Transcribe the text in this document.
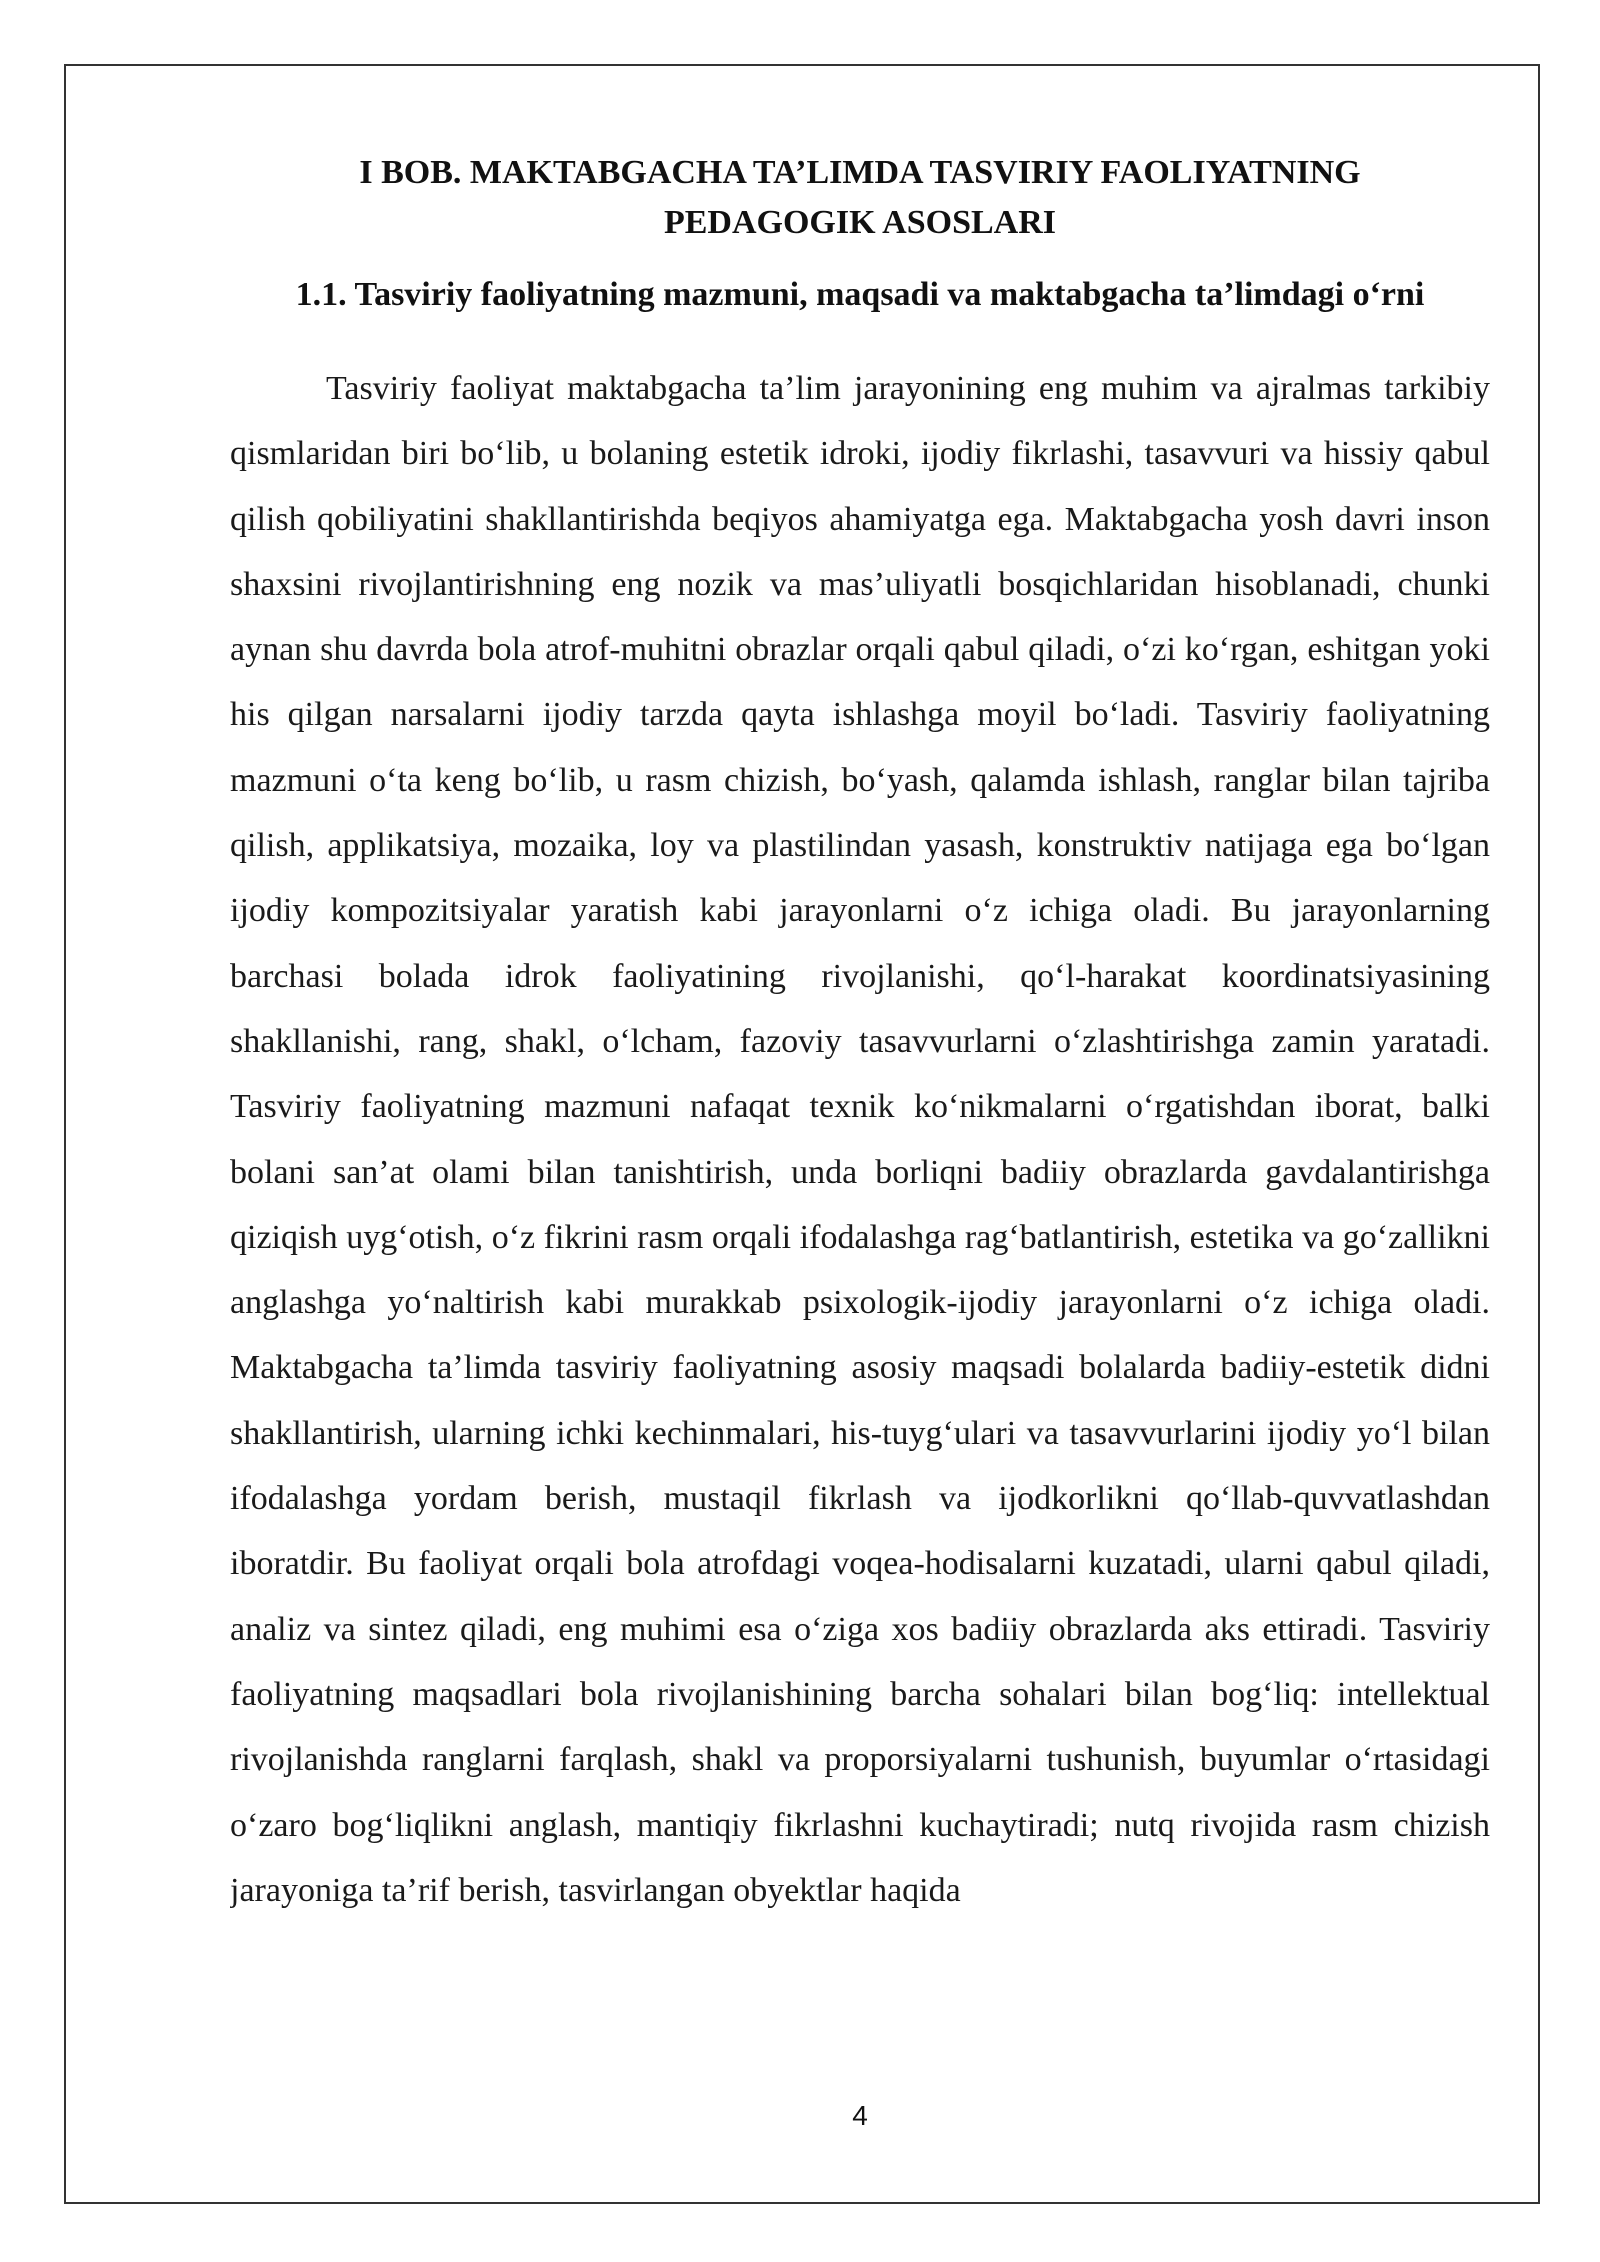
I BOB. MAKTABGACHA TA’LIMDA TASVIRIY FAOLIYATNING
PEDAGOGIK ASOSLARI
1.1. Tasviriy faoliyatning mazmuni, maqsadi va maktabgacha ta’limdagi o‘rni

Tasviriy faoliyat maktabgacha ta’lim jarayonining eng muhim va ajralmas tarkibiy qismlaridan biri bo‘lib, u bolaning estetik idroki, ijodiy fikrlashi, tasavvuri va hissiy qabul qilish qobiliyatini shakllantirishda beqiyos ahamiyatga ega. Maktabgacha yosh davri inson shaxsini rivojlantirishning eng nozik va mas’uliyatli bosqichlaridan hisoblanadi, chunki aynan shu davrda bola atrof-muhitni obrazlar orqali qabul qiladi, o‘zi ko‘rgan, eshitgan yoki his qilgan narsalarni ijodiy tarzda qayta ishlashga moyil bo‘ladi. Tasviriy faoliyatning mazmuni o‘ta keng bo‘lib, u rasm chizish, bo‘yash, qalamda ishlash, ranglar bilan tajriba qilish, applikatsiya, mozaika, loy va plastilindan yasash, konstruktiv natijaga ega bo‘lgan ijodiy kompozitsiyalar yaratish kabi jarayonlarni o‘z ichiga oladi. Bu jarayonlarning barchasi bolada idrok faoliyatining rivojlanishi, qo‘l-harakat koordinatsiyasining shakllanishi, rang, shakl, o‘lcham, fazoviy tasavvurlarni o‘zlashtirishga zamin yaratadi. Tasviriy faoliyatning mazmuni nafaqat texnik ko‘nikmalarni o‘rgatishdan iborat, balki bolani san’at olami bilan tanishtirish, unda borliqni badiiy obrazlarda gavdalantirishga qiziqish uyg‘otish, o‘z fikrini rasm orqali ifodalashga rag‘batlantirish, estetika va go‘zallikni anglashga yo‘naltirish kabi murakkab psixologik-ijodiy jarayonlarni o‘z ichiga oladi. Maktabgacha ta’limda tasviriy faoliyatning asosiy maqsadi bolalarda badiiy-estetik didni shakllantirish, ularning ichki kechinmalari, his-tuyg‘ulari va tasavvurlarini ijodiy yo‘l bilan ifodalashga yordam berish, mustaqil fikrlash va ijodkorlikni qo‘llab-quvvatlashdan iboratdir. Bu faoliyat orqali bola atrofdagi voqea-hodisalarni kuzatadi, ularni qabul qiladi, analiz va sintez qiladi, eng muhimi esa o‘ziga xos badiiy obrazlarda aks ettiradi. Tasviriy faoliyatning maqsadlari bola rivojlanishining barcha sohalari bilan bog‘liq: intellektual rivojlanishda ranglarni farqlash, shakl va proporsiyalarni tushunish, buyumlar o‘rtasidagi o‘zaro bog‘liqlikni anglash, mantiqiy fikrlashni kuchaytiradi; nutq rivojida rasm chizish jarayoniga ta’rif berish, tasvirlangan obyektlar haqida

4
